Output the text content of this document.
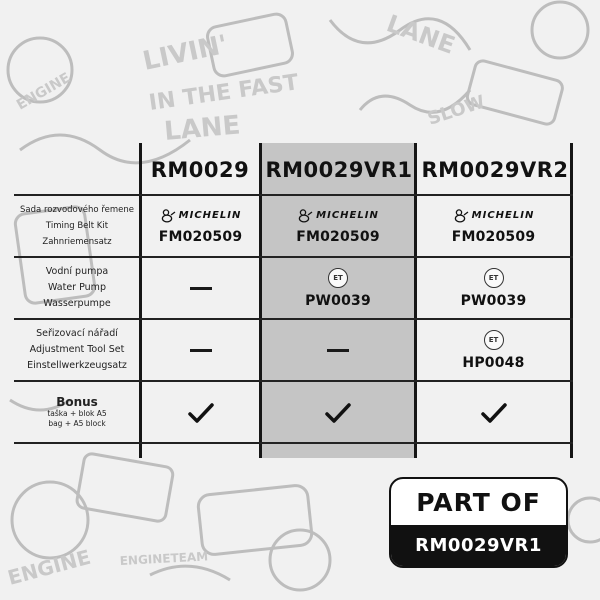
LIVIN'
IN THE FAST
LANE
LANE
SLOW
ENGINE ENGINETEAM
ENGINE
RM0029 RM0029VR1 RM0029VR2
Sada rozvodového řemene
Timing Belt Kit
Zahnriemensatz
Vodní pumpa
Water Pump
Wasserpumpe
Seřizovací nářadí
Adjustment Tool Set
Einstellwerkzeugsatz
Bonus
taška + blok A5
bag + A5 block
MICHELIN
FM020509
MICHELIN
FM020509
MICHELIN
FM020509
ET
PW0039
ET
PW0039
ET
HP0048
PART OF
RM0029VR1
